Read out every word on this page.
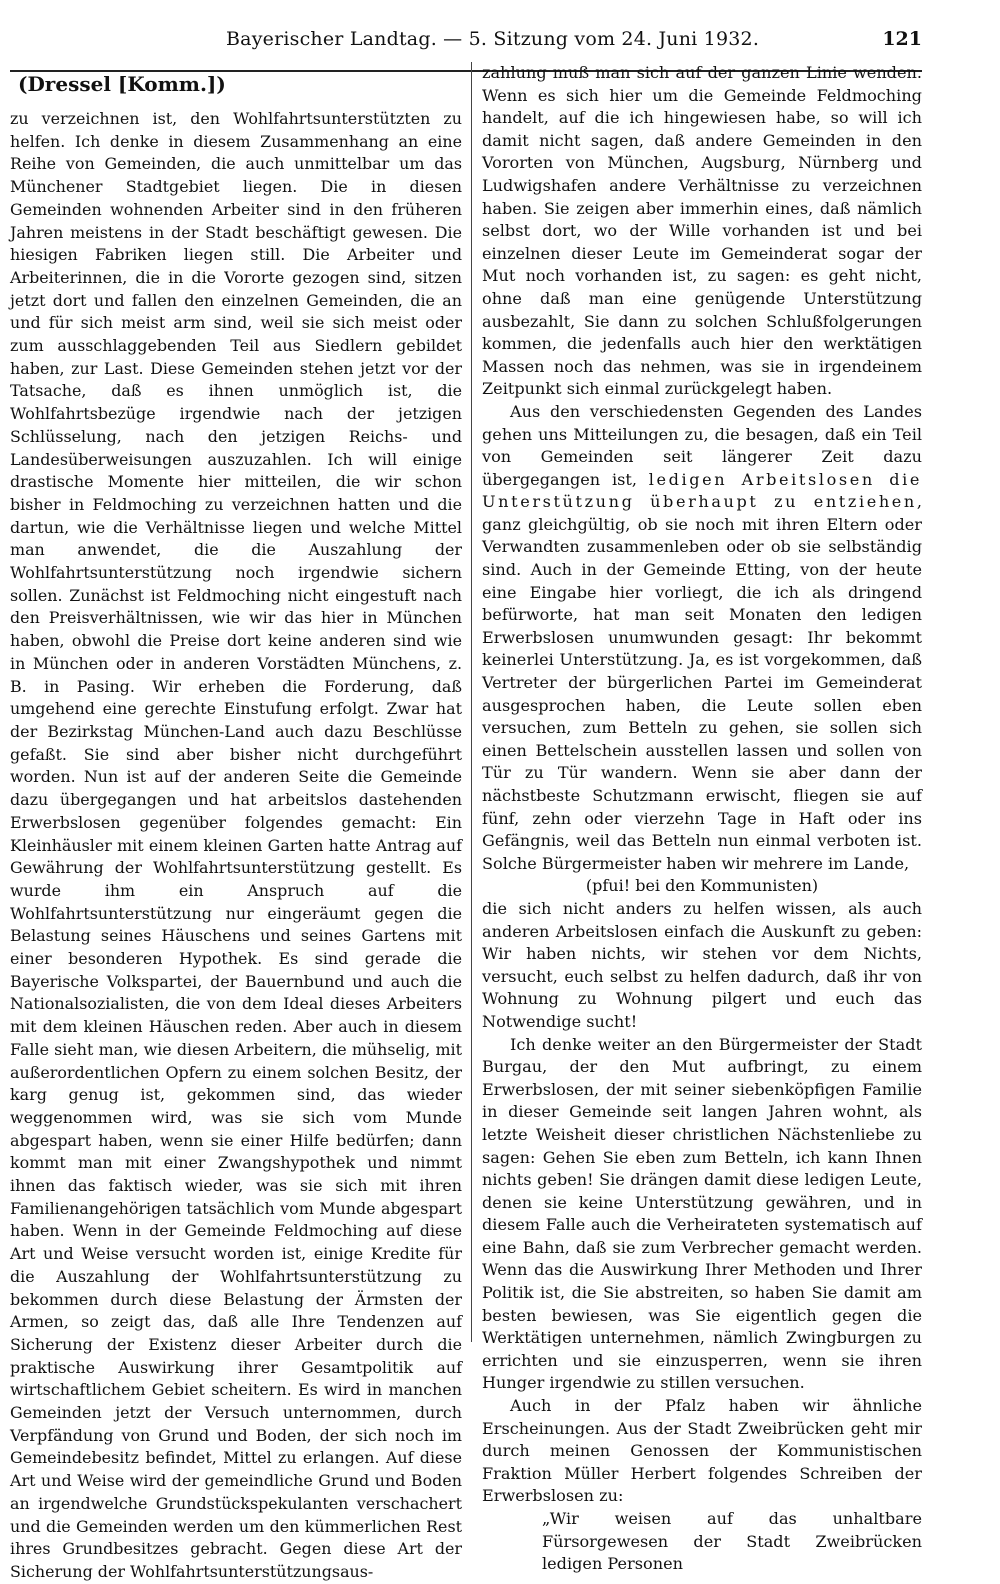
Bayerischer Landtag. — 5. Sitzung vom 24. Juni 1932.	121
(Dressel [Komm.])

zu verzeichnen ist, den Wohlfahrtsunterstützten zu helfen. Ich denke in diesem Zusammenhang an eine Reihe von Gemeinden, die auch unmittelbar um das Münchener Stadtgebiet liegen. Die in diesen Gemeinden wohnenden Arbeiter sind in den früheren Jahren meistens in der Stadt beschäftigt gewesen. Die hiesigen Fabriken liegen still. Die Arbeiter und Arbeiterinnen, die in die Vororte gezogen sind, sitzen jetzt dort und fallen den einzelnen Gemeinden, die an und für sich meist arm sind, weil sie sich meist oder zum ausschlaggebenden Teil aus Siedlern gebildet haben, zur Last. Diese Gemeinden stehen jetzt vor der Tatsache, daß es ihnen unmöglich ist, die Wohlfahrtsbezüge irgendwie nach der jetzigen Schlüsselung, nach den jetzigen Reichs- und Landesüberweisungen auszuzahlen. Ich will einige drastische Momente hier mitteilen, die wir schon bisher in Feldmoching zu verzeichnen hatten und die dartun, wie die Verhältnisse liegen und welche Mittel man anwendet, die die Auszahlung der Wohlfahrtsunterstützung noch irgendwie sichern sollen. Zunächst ist Feldmoching nicht eingestuft nach den Preisverhältnissen, wie wir das hier in München haben, obwohl die Preise dort keine anderen sind wie in München oder in anderen Vorstädten Münchens, z. B. in Pasing. Wir erheben die Forderung, daß umgehend eine gerechte Einstufung erfolgt. Zwar hat der Bezirkstag München-Land auch dazu Beschlüsse gefaßt. Sie sind aber bisher nicht durchgeführt worden. Nun ist auf der anderen Seite die Gemeinde dazu übergegangen und hat arbeitslos dastehenden Erwerbslosen gegenüber folgendes gemacht: Ein Kleinhäusler mit einem kleinen Garten hatte Antrag auf Gewährung der Wohlfahrtsunterstützung gestellt. Es wurde ihm ein Anspruch auf die Wohlfahrtsunterstützung nur eingeräumt gegen die Belastung seines Häuschens und seines Gartens mit einer besonderen Hypothek. Es sind gerade die Bayerische Volkspartei, der Bauernbund und auch die Nationalsozialisten, die von dem Ideal dieses Arbeiters mit dem kleinen Häuschen reden. Aber auch in diesem Falle sieht man, wie diesen Arbeitern, die mühselig, mit außerordentlichen Opfern zu einem solchen Besitz, der karg genug ist, gekommen sind, das wieder weggenommen wird, was sie sich vom Munde abgespart haben, wenn sie einer Hilfe bedürfen; dann kommt man mit einer Zwangshypothek und nimmt ihnen das faktisch wieder, was sie sich mit ihren Familienangehörigen tatsächlich vom Munde abgespart haben. Wenn in der Gemeinde Feldmoching auf diese Art und Weise versucht worden ist, einige Kredite für die Auszahlung der Wohlfahrtsunterstützung zu bekommen durch diese Belastung der Ärmsten der Armen, so zeigt das, daß alle Ihre Tendenzen auf Sicherung der Existenz dieser Arbeiter durch die praktische Auswirkung ihrer Gesamtpolitik auf wirtschaftlichem Gebiet scheitern. Es wird in manchen Gemeinden jetzt der Versuch unternommen, durch Verpfändung von Grund und Boden, der sich noch im Gemeindebesitz befindet, Mittel zu erlangen. Auf diese Art und Weise wird der gemeindliche Grund und Boden an irgendwelche Grundstückspekulanten verschachert und die Gemeinden werden um den kümmerlichen Rest ihres Grundbesitzes gebracht. Gegen diese Art der Sicherung der Wohlfahrtsunterstützungsaus-

zahlung muß man sich auf der ganzen Linie wenden. Wenn es sich hier um die Gemeinde Feldmoching handelt, auf die ich hingewiesen habe, so will ich damit nicht sagen, daß andere Gemeinden in den Vororten von München, Augsburg, Nürnberg und Ludwigshafen andere Verhältnisse zu verzeichnen haben. Sie zeigen aber immerhin eines, daß nämlich selbst dort, wo der Wille vorhanden ist und bei einzelnen dieser Leute im Gemeinderat sogar der Mut noch vorhanden ist, zu sagen: es geht nicht, ohne daß man eine genügende Unterstützung ausbezahlt, Sie dann zu solchen Schlußfolgerungen kommen, die jedenfalls auch hier den werktätigen Massen noch das nehmen, was sie in irgendeinem Zeitpunkt sich einmal zurückgelegt haben.

Aus den verschiedensten Gegenden des Landes gehen uns Mitteilungen zu, die besagen, daß ein Teil von Gemeinden seit längerer Zeit dazu übergegangen ist, ledigen Arbeitslosen die Unterstützung überhaupt zu entziehen, ganz gleichgültig, ob sie noch mit ihren Eltern oder Verwandten zusammenleben oder ob sie selbständig sind. Auch in der Gemeinde Etting, von der heute eine Eingabe hier vorliegt, die ich als dringend befürworte, hat man seit Monaten den ledigen Erwerbslosen unumwunden gesagt: Ihr bekommt keinerlei Unterstützung. Ja, es ist vorgekommen, daß Vertreter der bürgerlichen Partei im Gemeinderat ausgesprochen haben, die Leute sollen eben versuchen, zum Betteln zu gehen, sie sollen sich einen Bettelschein ausstellen lassen und sollen von Tür zu Tür wandern. Wenn sie aber dann der nächstbeste Schutzmann erwischt, fliegen sie auf fünf, zehn oder vierzehn Tage in Haft oder ins Gefängnis, weil das Betteln nun einmal verboten ist. Solche Bürgermeister haben wir mehrere im Lande,

(pfui! bei den Kommunisten)

die sich nicht anders zu helfen wissen, als auch anderen Arbeitslosen einfach die Auskunft zu geben: Wir haben nichts, wir stehen vor dem Nichts, versucht, euch selbst zu helfen dadurch, daß ihr von Wohnung zu Wohnung pilgert und euch das Notwendige sucht!

Ich denke weiter an den Bürgermeister der Stadt Burgau, der den Mut aufbringt, zu einem Erwerbslosen, der mit seiner siebenköpfigen Familie in dieser Gemeinde seit langen Jahren wohnt, als letzte Weisheit dieser christlichen Nächstenliebe zu sagen: Gehen Sie eben zum Betteln, ich kann Ihnen nichts geben! Sie drängen damit diese ledigen Leute, denen sie keine Unterstützung gewähren, und in diesem Falle auch die Verheirateten systematisch auf eine Bahn, daß sie zum Verbrecher gemacht werden. Wenn das die Auswirkung Ihrer Methoden und Ihrer Politik ist, die Sie abstreiten, so haben Sie damit am besten bewiesen, was Sie eigentlich gegen die Werktätigen unternehmen, nämlich Zwingburgen zu errichten und sie einzusperren, wenn sie ihren Hunger irgendwie zu stillen versuchen.

Auch in der Pfalz haben wir ähnliche Erscheinungen. Aus der Stadt Zweibrücken geht mir durch meinen Genossen der Kommunistischen Fraktion Müller Herbert folgendes Schreiben der Erwerbslosen zu:

„Wir weisen auf das unhaltbare Fürsorgewesen der Stadt Zweibrücken ledigen Personen
